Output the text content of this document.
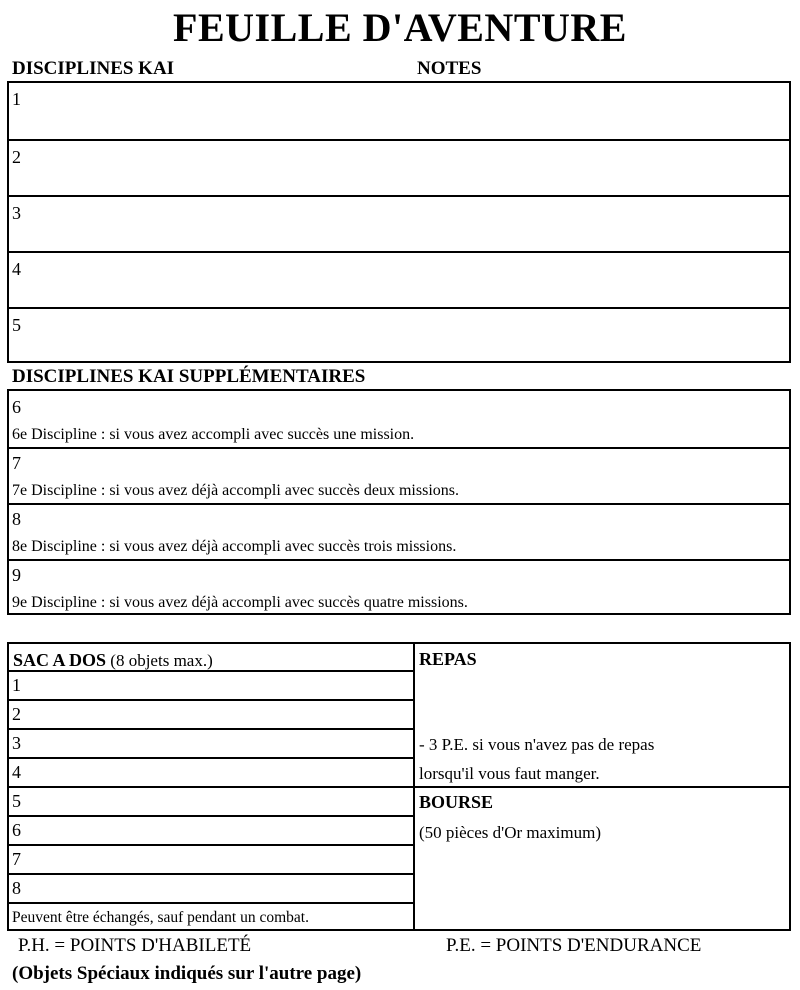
FEUILLE D'AVENTURE
DISCIPLINES KAI	NOTES
1
2
3
4
5
DISCIPLINES KAI SUPPLÉMENTAIRES
6
6e Discipline : si vous avez accompli avec succès une mission.
7
7e Discipline : si vous avez déjà accompli avec succès deux missions.
8
8e Discipline : si vous avez déjà accompli avec succès trois missions.
9
9e Discipline : si vous avez déjà accompli avec succès quatre missions.
SAC A DOS (8 objets max.)
1
2
3
4
5
6
7
8
Peuvent être échangés, sauf pendant un combat.
REPAS
- 3 P.E. si vous n'avez pas de repas
lorsqu'il vous faut manger.
BOURSE
(50 pièces d'Or maximum)
P.H. = POINTS D'HABILETÉ	P.E. = POINTS D'ENDURANCE
(Objets Spéciaux indiqués sur l'autre page)
